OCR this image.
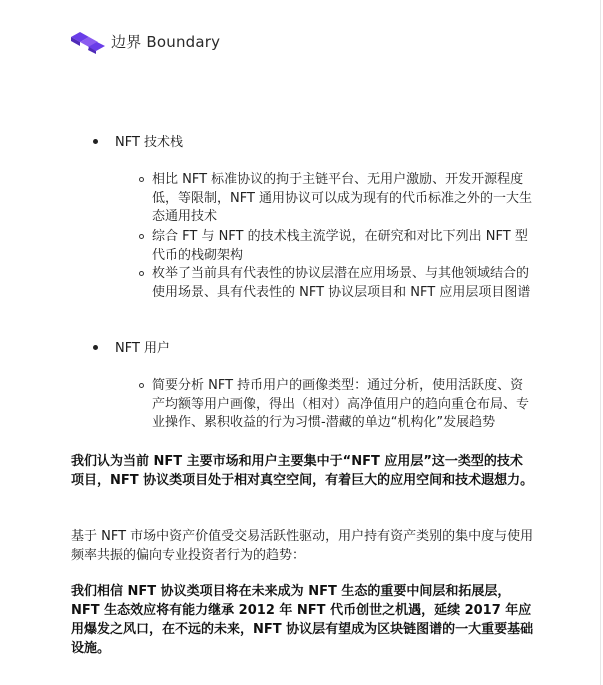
边界 Boundary
NFT 技术栈
相比 NFT 标准协议的拘于主链平台、无用户激励、开发开源程度低，等限制，NFT 通用协议可以成为现有的代币标准之外的一大生态通用技术
综合 FT 与 NFT 的技术栈主流学说，在研究和对比下列出 NFT 型代币的栈砌架构
枚举了当前具有代表性的协议层潜在应用场景、与其他领域结合的使用场景、具有代表性的 NFT 协议层项目和 NFT 应用层项目图谱
NFT 用户
简要分析 NFT 持币用户的画像类型：通过分析，使用活跃度、资产均额等用户画像，得出（相对）高净值用户的趋向重仓布局、专业操作、累积收益的行为习惯-潜藏的单边“机构化”发展趋势
我们认为当前 NFT 主要市场和用户主要集中于“NFT 应用层”这一类型的技术项目，NFT 协议类项目处于相对真空空间，有着巨大的应用空间和技术遐想力。
基于 NFT 市场中资产价值受交易活跃性驱动，用户持有资产类别的集中度与使用频率共振的偏向专业投资者行为的趋势：
我们相信 NFT 协议类项目将在未来成为 NFT 生态的重要中间层和拓展层，NFT 生态效应将有能力继承 2012 年 NFT 代币创世之机遇，延续 2017 年应用爆发之风口，在不远的未来，NFT 协议层有望成为区块链图谱的一大重要基础设施。
